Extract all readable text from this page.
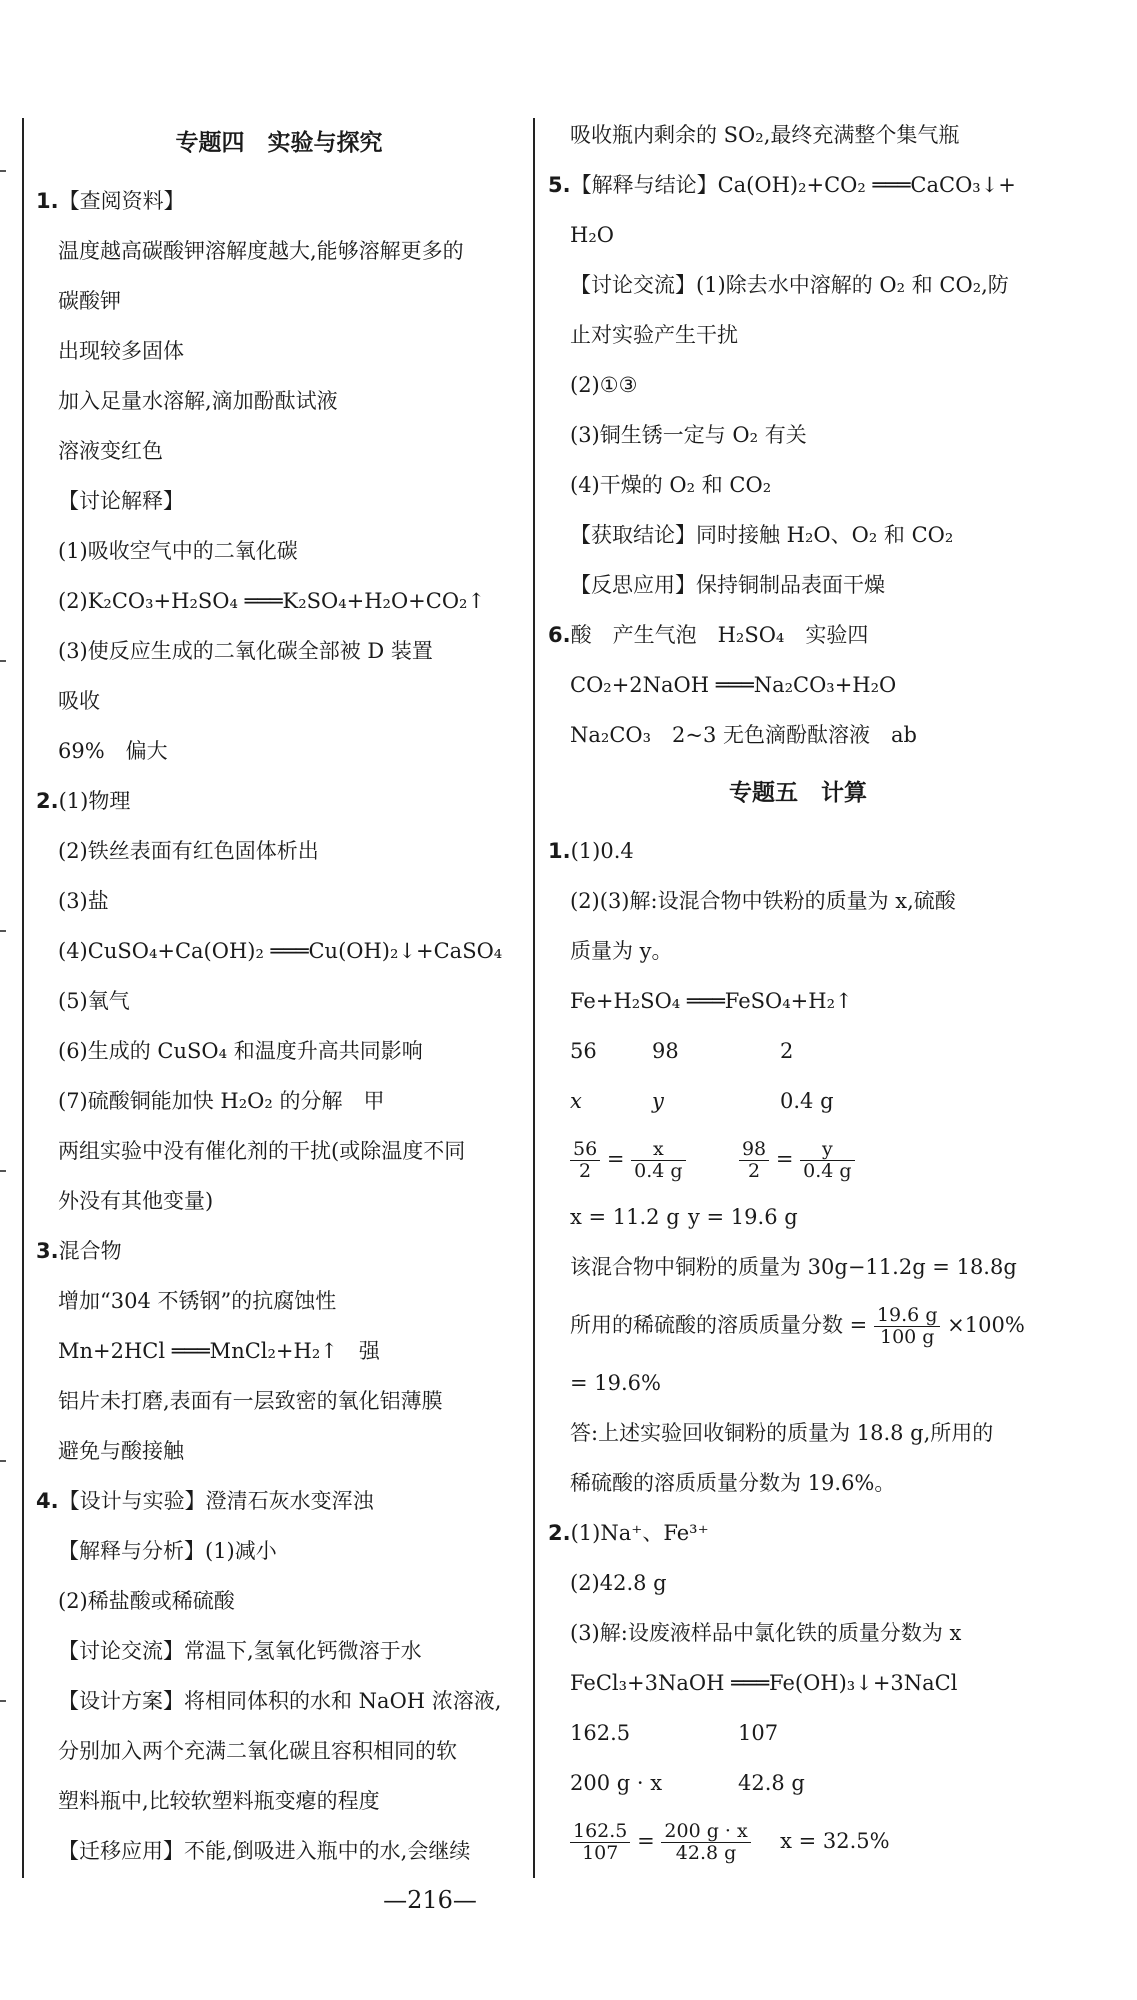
专题四　实验与探究
1.【查阅资料】
温度越高碳酸钾溶解度越大,能够溶解更多的
碳酸钾
出现较多固体
加入足量水溶解,滴加酚酞试液
溶液变红色
【讨论解释】
(1)吸收空气中的二氧化碳
(2)K₂CO₃+H₂SO₄ ═══K₂SO₄+H₂O+CO₂↑
(3)使反应生成的二氧化碳全部被 D 装置
吸收
69%　偏大
2.(1)物理
(2)铁丝表面有红色固体析出
(3)盐
(4)CuSO₄+Ca(OH)₂ ═══Cu(OH)₂↓+CaSO₄
(5)氧气
(6)生成的 CuSO₄ 和温度升高共同影响
(7)硫酸铜能加快 H₂O₂ 的分解　甲
两组实验中没有催化剂的干扰(或除温度不同
外没有其他变量)
3.混合物
增加“304 不锈钢”的抗腐蚀性
Mn+2HCl ═══MnCl₂+H₂↑　强
铝片未打磨,表面有一层致密的氧化铝薄膜
避免与酸接触
4.【设计与实验】澄清石灰水变浑浊
【解释与分析】(1)减小
(2)稀盐酸或稀硫酸
【讨论交流】常温下,氢氧化钙微溶于水
【设计方案】将相同体积的水和 NaOH 浓溶液,
分别加入两个充满二氧化碳且容积相同的软
塑料瓶中,比较软塑料瓶变瘪的程度
【迁移应用】不能,倒吸进入瓶中的水,会继续
吸收瓶内剩余的 SO₂,最终充满整个集气瓶
5.【解释与结论】Ca(OH)₂+CO₂ ═══CaCO₃↓+
H₂O
【讨论交流】(1)除去水中溶解的 O₂ 和 CO₂,防
止对实验产生干扰
(2)①③
(3)铜生锈一定与 O₂ 有关
(4)干燥的 O₂ 和 CO₂
【获取结论】同时接触 H₂O、O₂ 和 CO₂
【反思应用】保持铜制品表面干燥
6.酸　产生气泡　H₂SO₄　实验四
CO₂+2NaOH ═══Na₂CO₃+H₂O
Na₂CO₃　2~3 无色滴酚酞溶液　ab
专题五　计算
1.(1)0.4
(2)(3)解:设混合物中铁粉的质量为 x,硫酸
质量为 y。
Fe+H₂SO₄ ═══FeSO₄+H₂↑
56	98	2
x	y	0.4 g
$\frac{56}{2} = \frac{x}{0.4 g}$
	$\frac{98}{2} = \frac{y}{0.4 g}$
x = 11.2 g y = 19.6 g
该混合物中铜粉的质量为 30g−11.2g = 18.8g
所用的稀硫酸的溶质质量分数 = $\frac{19.6 g}{100 g} \times 100\%$
= 19.6%
答:上述实验回收铜粉的质量为 18.8 g,所用的
稀硫酸的溶质质量分数为 19.6%。
2.(1)Na⁺、Fe³⁺
(2)42.8 g
(3)解:设废液样品中氯化铁的质量分数为 x
FeCl₃+3NaOH ═══Fe(OH)₃↓+3NaCl
162.5	107
200 g · x	42.8 g
$\frac{162.5}{107} = \frac{200 g \cdot x}{42.8 g}$ x = 32.5%
—216—
